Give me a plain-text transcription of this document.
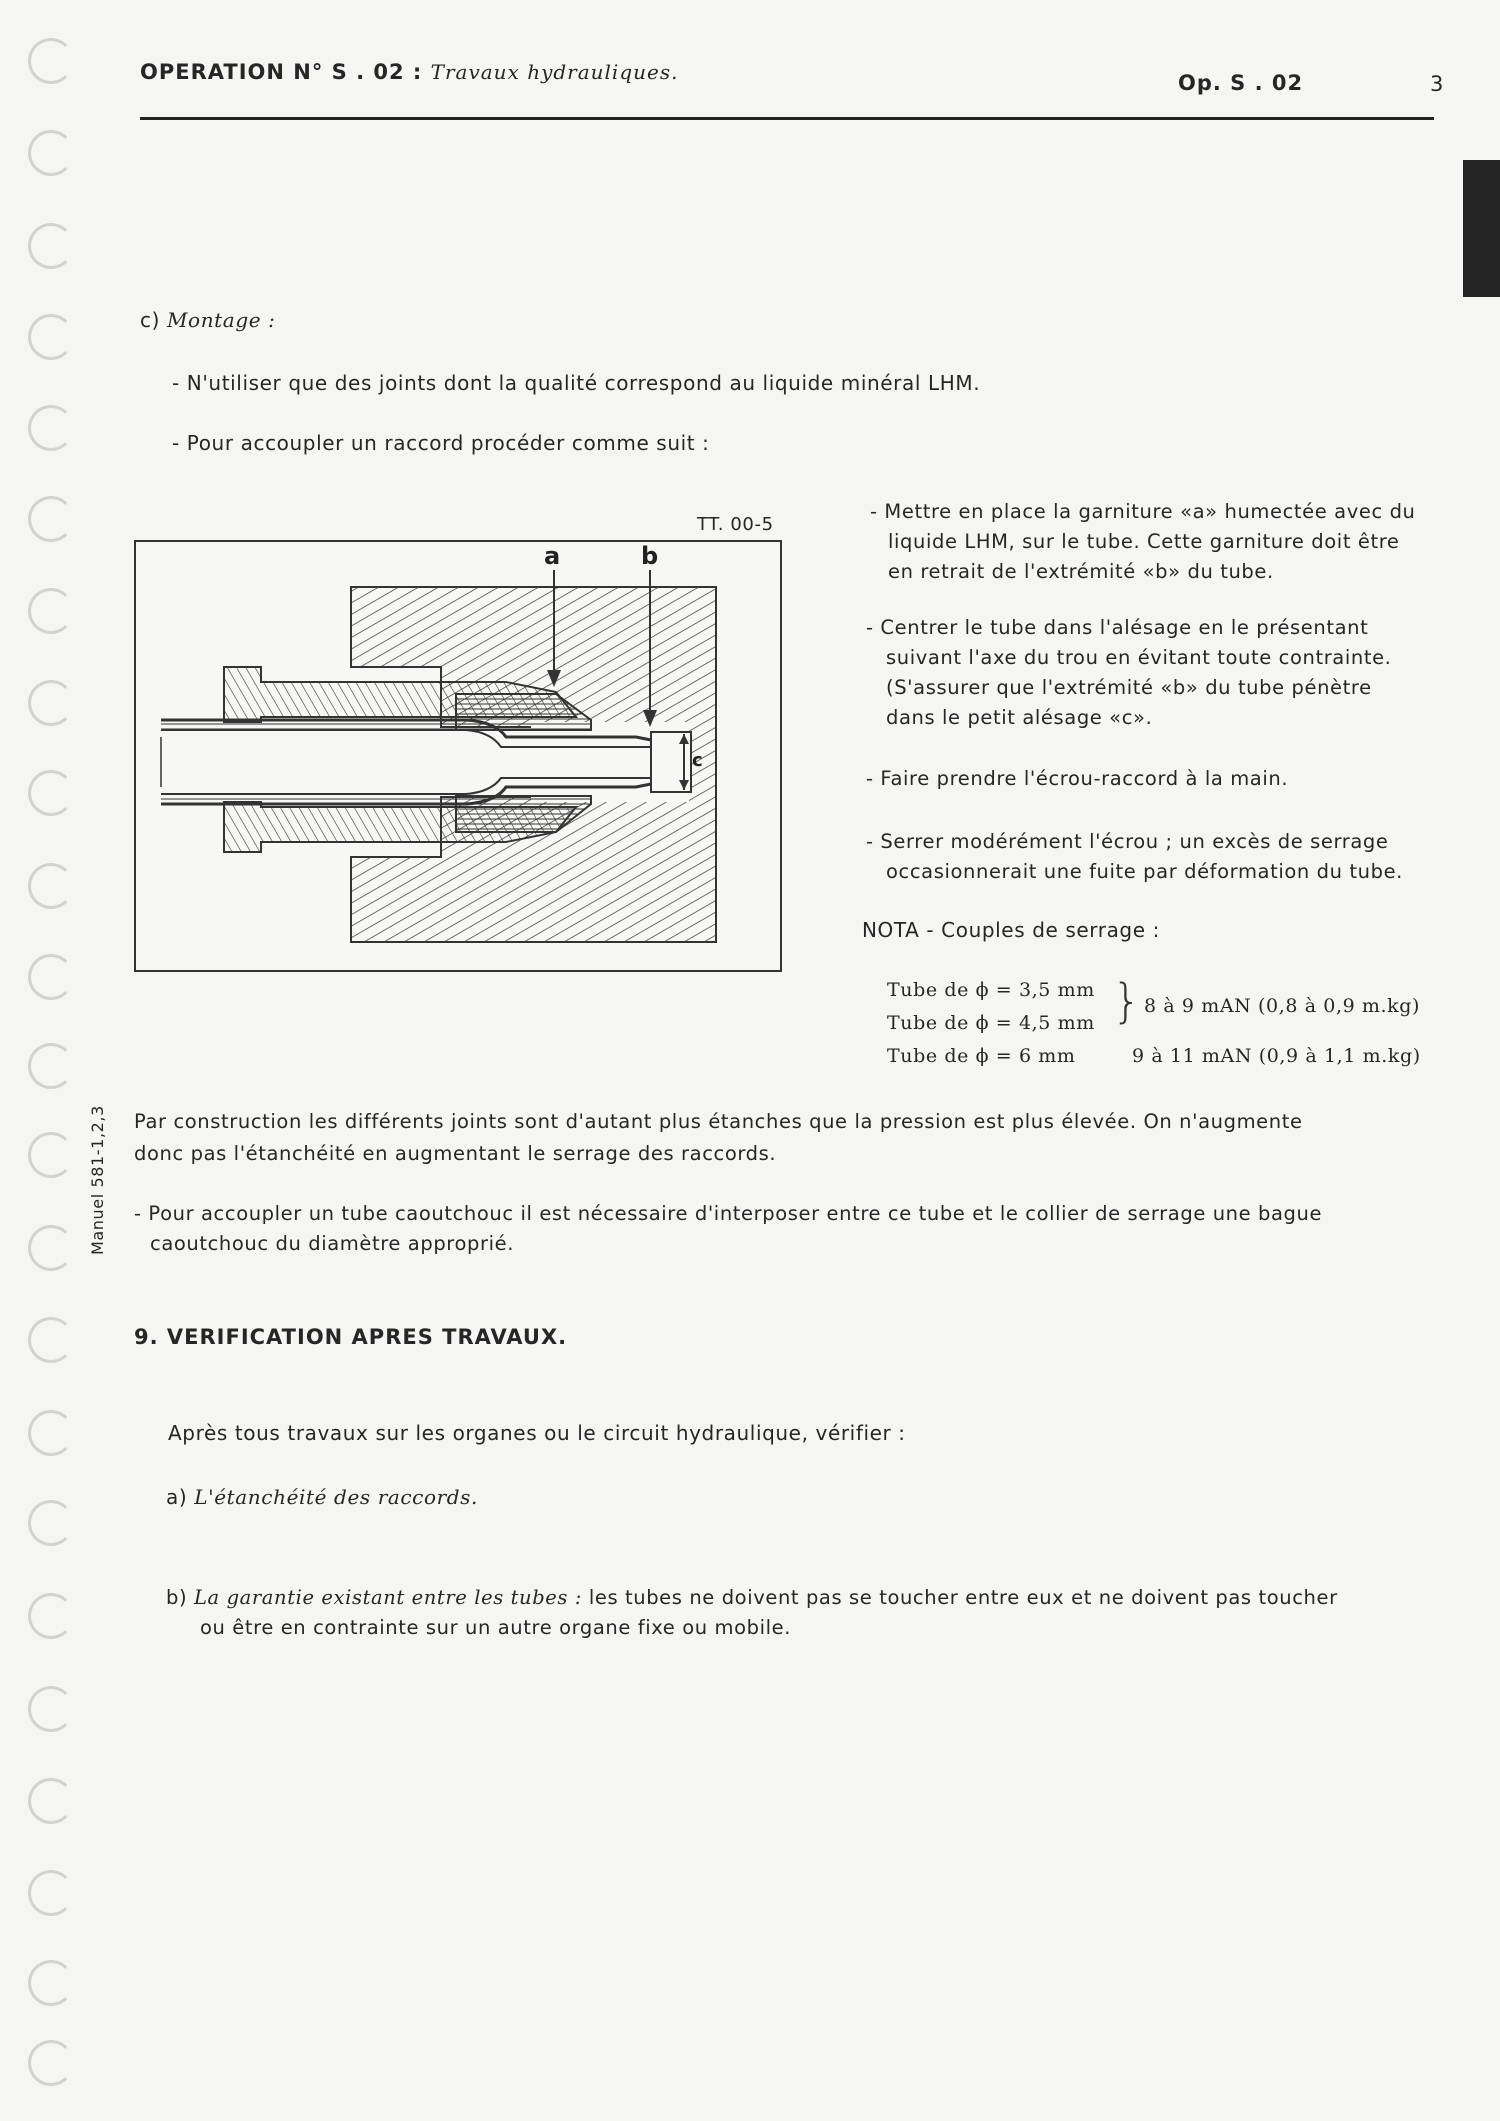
OPERATION N° S . 02 : Travaux hydrauliques.	Op. S . 02	3
c) Montage :
- N'utiliser que des joints dont la qualité correspond au liquide minéral LHM.
- Pour accoupler un raccord procéder comme suit :
TT. 00-5
a	b
c
- Mettre en place la garniture «a» humectée avec du
liquide LHM, sur le tube. Cette garniture doit être
en retrait de l'extrémité «b» du tube.
- Centrer le tube dans l'alésage en le présentant
suivant l'axe du trou en évitant toute contrainte.
(S'assurer que l'extrémité «b» du tube pénètre
dans le petit alésage «c».
- Faire prendre l'écrou-raccord à la main.
- Serrer modérément l'écrou ; un excès de serrage
occasionnerait une fuite par déformation du tube.
NOTA - Couples de serrage :
Tube de ϕ = 3,5 mm
Tube de ϕ = 4,5 mm } 8 à 9 mAN (0,8 à 0,9 m.kg)
Tube de ϕ = 6 mm	9 à 11 mAN (0,9 à 1,1 m.kg)
Manuel 581-1,2,3 Par construction les différents joints sont d'autant plus étanches que la pression est plus élevée. On n'augmente
donc pas l'étanchéité en augmentant le serrage des raccords.
- Pour accoupler un tube caoutchouc il est nécessaire d'interposer entre ce tube et le collier de serrage une bague
caoutchouc du diamètre approprié.
9. VERIFICATION APRES TRAVAUX.
Après tous travaux sur les organes ou le circuit hydraulique, vérifier :
a) L'étanchéité des raccords.
b) La garantie existant entre les tubes : les tubes ne doivent pas se toucher entre eux et ne doivent pas toucher
ou être en contrainte sur un autre organe fixe ou mobile.
